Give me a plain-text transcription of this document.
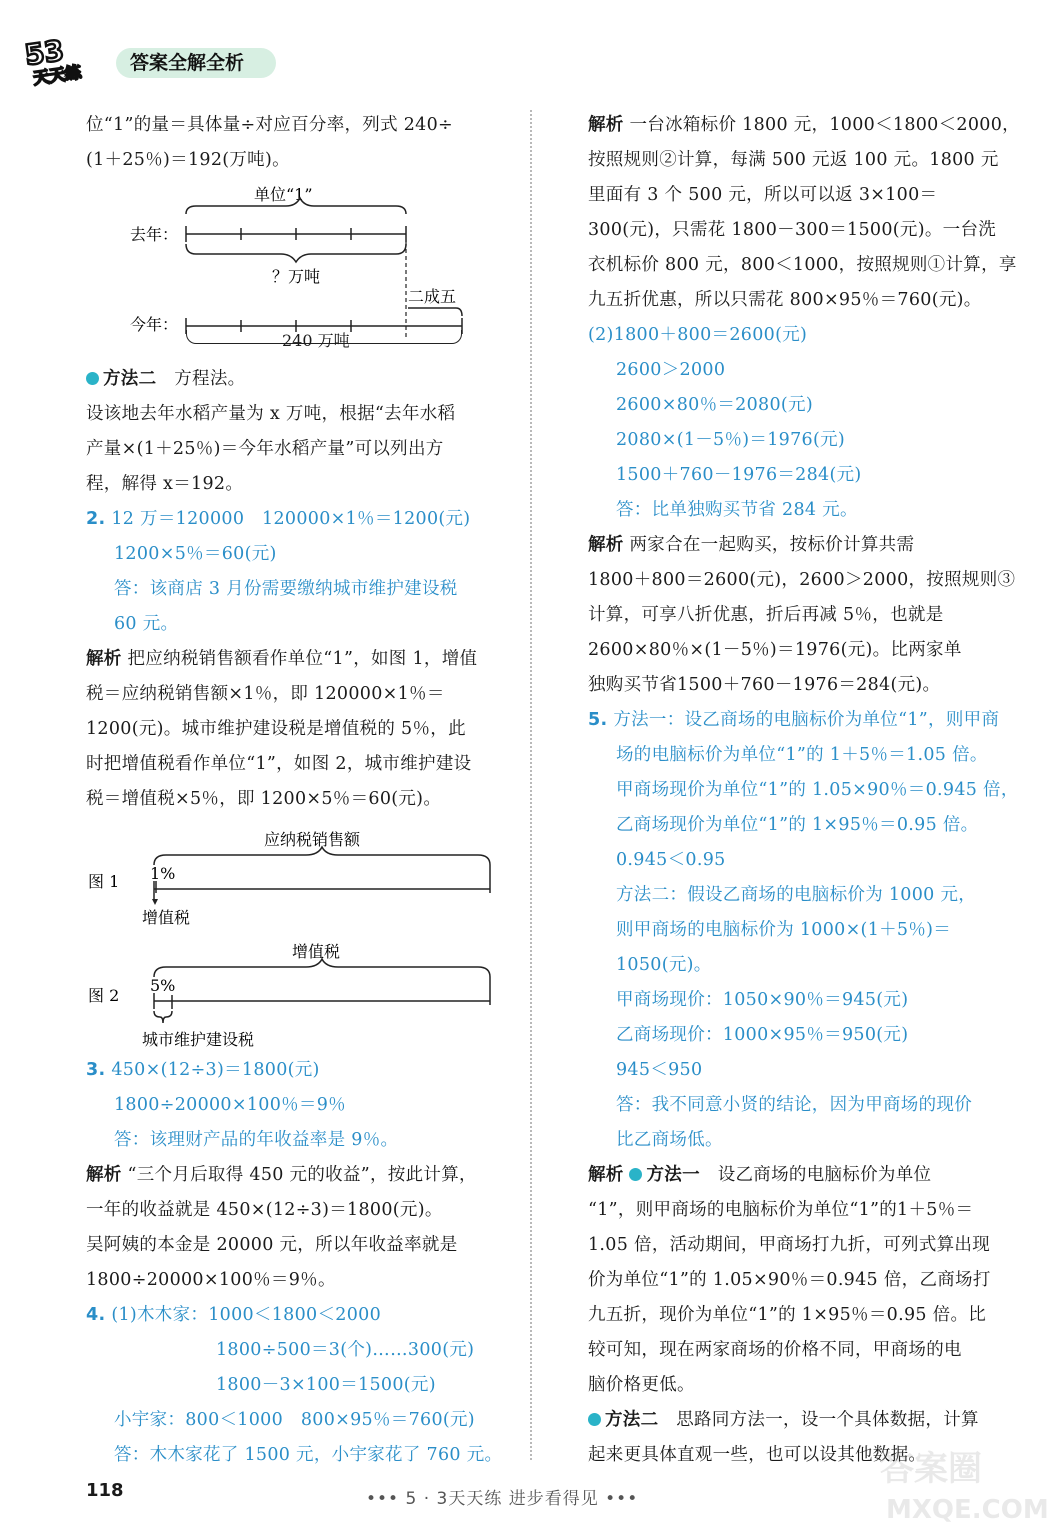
53
天天练	答案全解全析
位“1”的量＝具体量÷对应百分率，列式 240÷
(1＋25％)＝192(万吨)。
单位“1”
去年：
？万吨
二成五
今年：
240 万吨
方法二　 方程法。
设该地去年水稻产量为 x 万吨，根据“去年水稻
产量×(1＋25％)＝今年水稻产量”可以列出方
程，解得 x＝192。
2. 12 万＝120000　120000×1％＝1200(元)
1200×5％＝60(元)
答：该商店 3 月份需要缴纳城市维护建设税
60 元。
解析 把应纳税销售额看作单位“1”，如图 1，增值
税＝应纳税销售额×1％，即 120000×1％＝
1200(元)。城市维护建设税是增值税的 5％，此
时把增值税看作单位“1”，如图 2，城市维护建设
税＝增值税×5％，即 1200×5％＝60(元)。
应纳税销售额
图 1 1%
增值税
增值税
图 2
5%
城市维护建设税
3. 450×(12÷3)＝1800(元)
1800÷20000×100％＝9％
答：该理财产品的年收益率是 9％。
解析 “三个月后取得 450 元的收益”，按此计算，
一年的收益就是 450×(12÷3)＝1800(元)。
吴阿姨的本金是 20000 元，所以年收益率就是
1800÷20000×100％＝9％。
4. (1)木木家：1000＜1800＜2000
1800÷500＝3(个)……300(元)
1800－3×100＝1500(元)
小宇家：800＜1000　800×95％＝760(元)
答：木木家花了 1500 元，小宇家花了 760 元。
解析 一台冰箱标价 1800 元，1000＜1800＜2000，
按照规则②计算，每满 500 元返 100 元。1800 元
里面有 3 个 500 元，所以可以返 3×100＝
300(元)，只需花 1800－300＝1500(元)。一台洗
衣机标价 800 元，800＜1000，按照规则①计算，享
九五折优惠，所以只需花 800×95％＝760(元)。
(2)1800＋800＝2600(元)
2600＞2000
2600×80％＝2080(元)
2080×(1－5％)＝1976(元)
1500＋760－1976＝284(元)
答：比单独购买节省 284 元。
解析 两家合在一起购买，按标价计算共需
1800＋800＝2600(元)，2600＞2000，按照规则③
计算，可享八折优惠，折后再减 5％，也就是
2600×80％×(1－5％)＝1976(元)。比两家单
独购买节省1500＋760－1976＝284(元)。
5. 方法一：设乙商场的电脑标价为单位“1”，则甲商
场的电脑标价为单位“1”的 1＋5％＝1.05 倍。
甲商场现价为单位“1”的 1.05×90％＝0.945 倍，
乙商场现价为单位“1”的 1×95％＝0.95 倍。
0.945＜0.95
方法二：假设乙商场的电脑标价为 1000 元，
则甲商场的电脑标价为 1000×(1＋5％)＝
1050(元)。
甲商场现价：1050×90％＝945(元)
乙商场现价：1000×95％＝950(元)
945＜950
答：我不同意小贤的结论，因为甲商场的现价
比乙商场低。
解析 方法一　 设乙商场的电脑标价为单位
“1”，则甲商场的电脑标价为单位“1”的1＋5％＝
1.05 倍，活动期间，甲商场打九折，可列式算出现
价为单位“1”的 1.05×90％＝0.945 倍，乙商场打
九五折，现价为单位“1”的 1×95％＝0.95 倍。比
较可知，现在两家商场的价格不同，甲商场的电
脑价格更低。
方法二　 思路同方法一，设一个具体数据，计算
起来更具体直观一些，也可以设其他数据。
118	••• 5 · 3天天练 进步看得见 •••
答案圈
MXQE.COM
